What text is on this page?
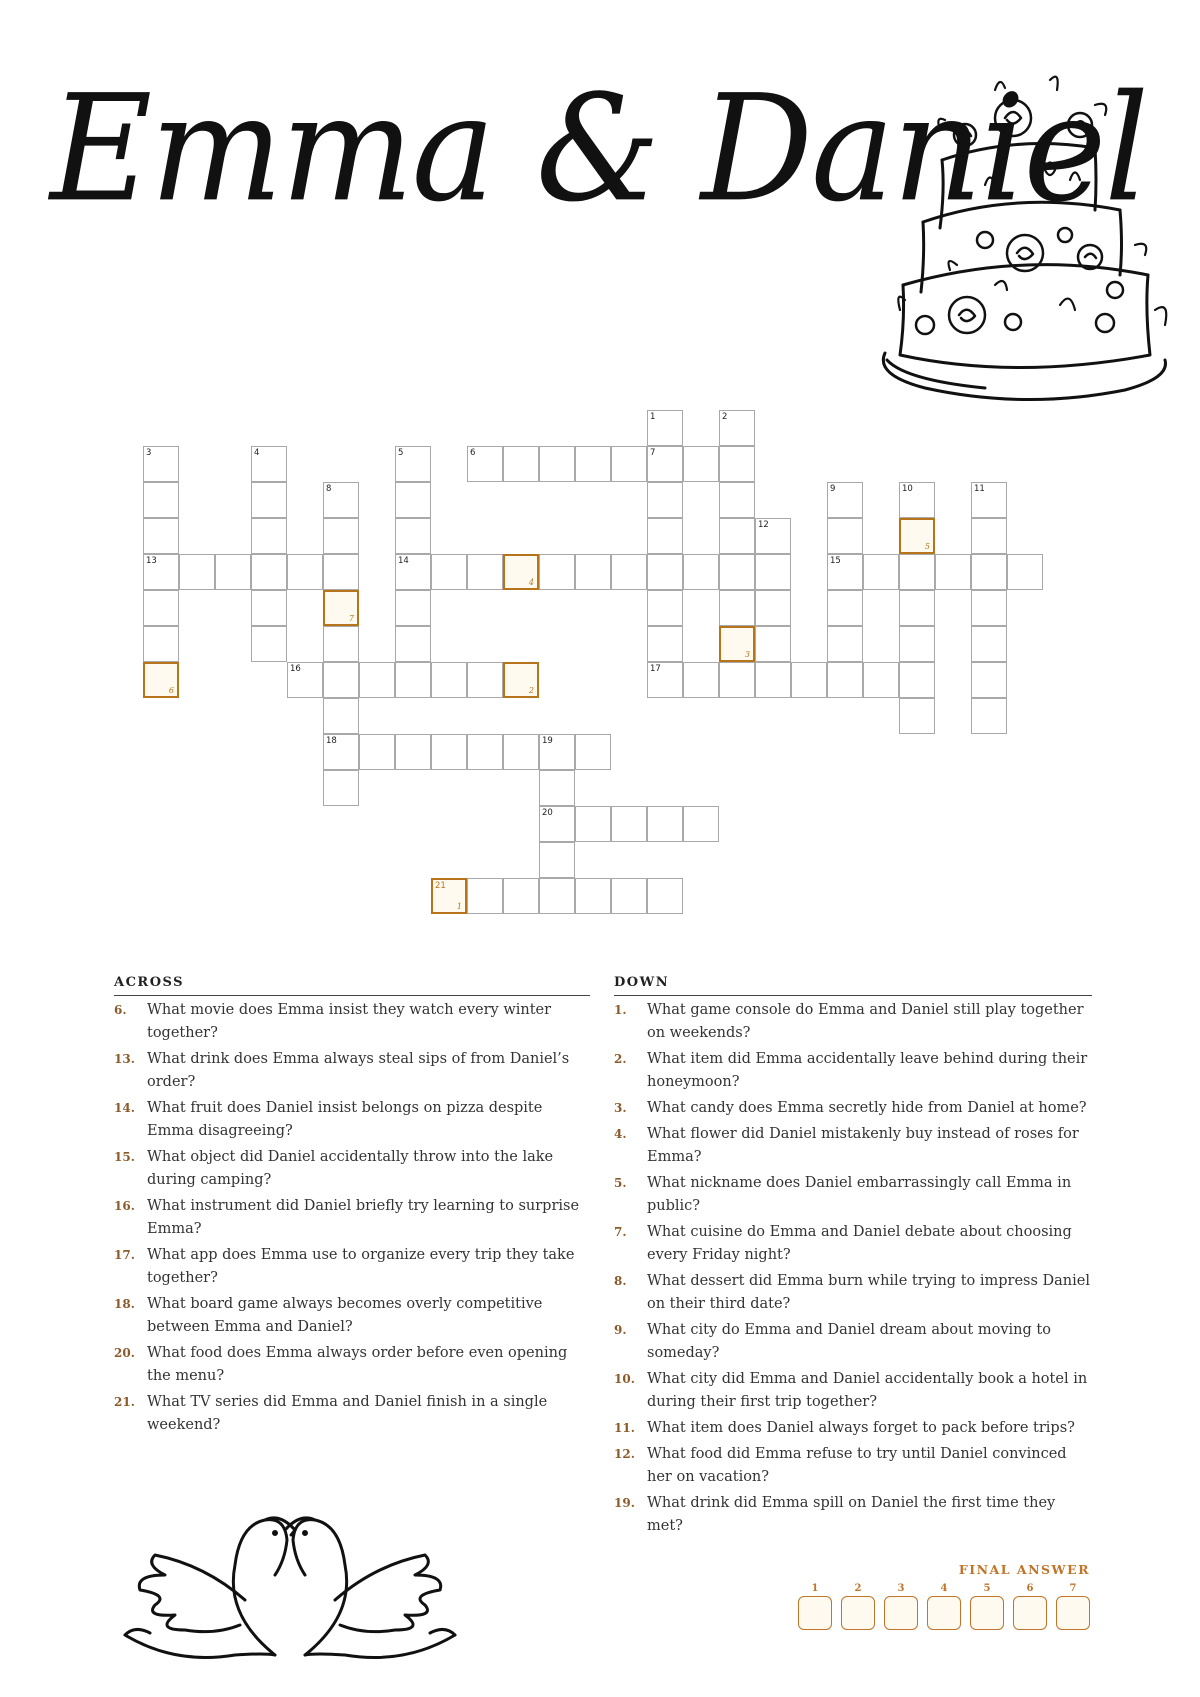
Emma & Daniel
6	7
13	14
4
15
16	17
18	19
20
21
1
1	2
3
3
6
4	5
8
7
9	10
5
11
12
2
ACROSS
6. What movie does Emma insist they watch every winter together?
13. What drink does Emma always steal sips of from Daniel’s order?
14. What fruit does Daniel insist belongs on pizza despite Emma disagreeing?
15. What object did Daniel accidentally throw into the lake during camping?
16. What instrument did Daniel briefly try learning to surprise Emma?
17. What app does Emma use to organize every trip they take together?
18. What board game always becomes overly competitive between Emma and Daniel?
20. What food does Emma always order before even opening the menu?
21. What TV series did Emma and Daniel finish in a single weekend?
DOWN
1. What game console do Emma and Daniel still play together on weekends?
2. What item did Emma accidentally leave behind during their honeymoon?
3. What candy does Emma secretly hide from Daniel at home?
4. What flower did Daniel mistakenly buy instead of roses for Emma?
5. What nickname does Daniel embarrassingly call Emma in public?
7. What cuisine do Emma and Daniel debate about choosing every Friday night?
8. What dessert did Emma burn while trying to impress Daniel on their third date?
9. What city do Emma and Daniel dream about moving to someday?
10. What city did Emma and Daniel accidentally book a hotel in during their first trip together?
11. What item does Daniel always forget to pack before trips?
12. What food did Emma refuse to try until Daniel convinced her on vacation?
19. What drink did Emma spill on Daniel the first time they met?
FINAL ANSWER
1	2	3	4	5	6	7
